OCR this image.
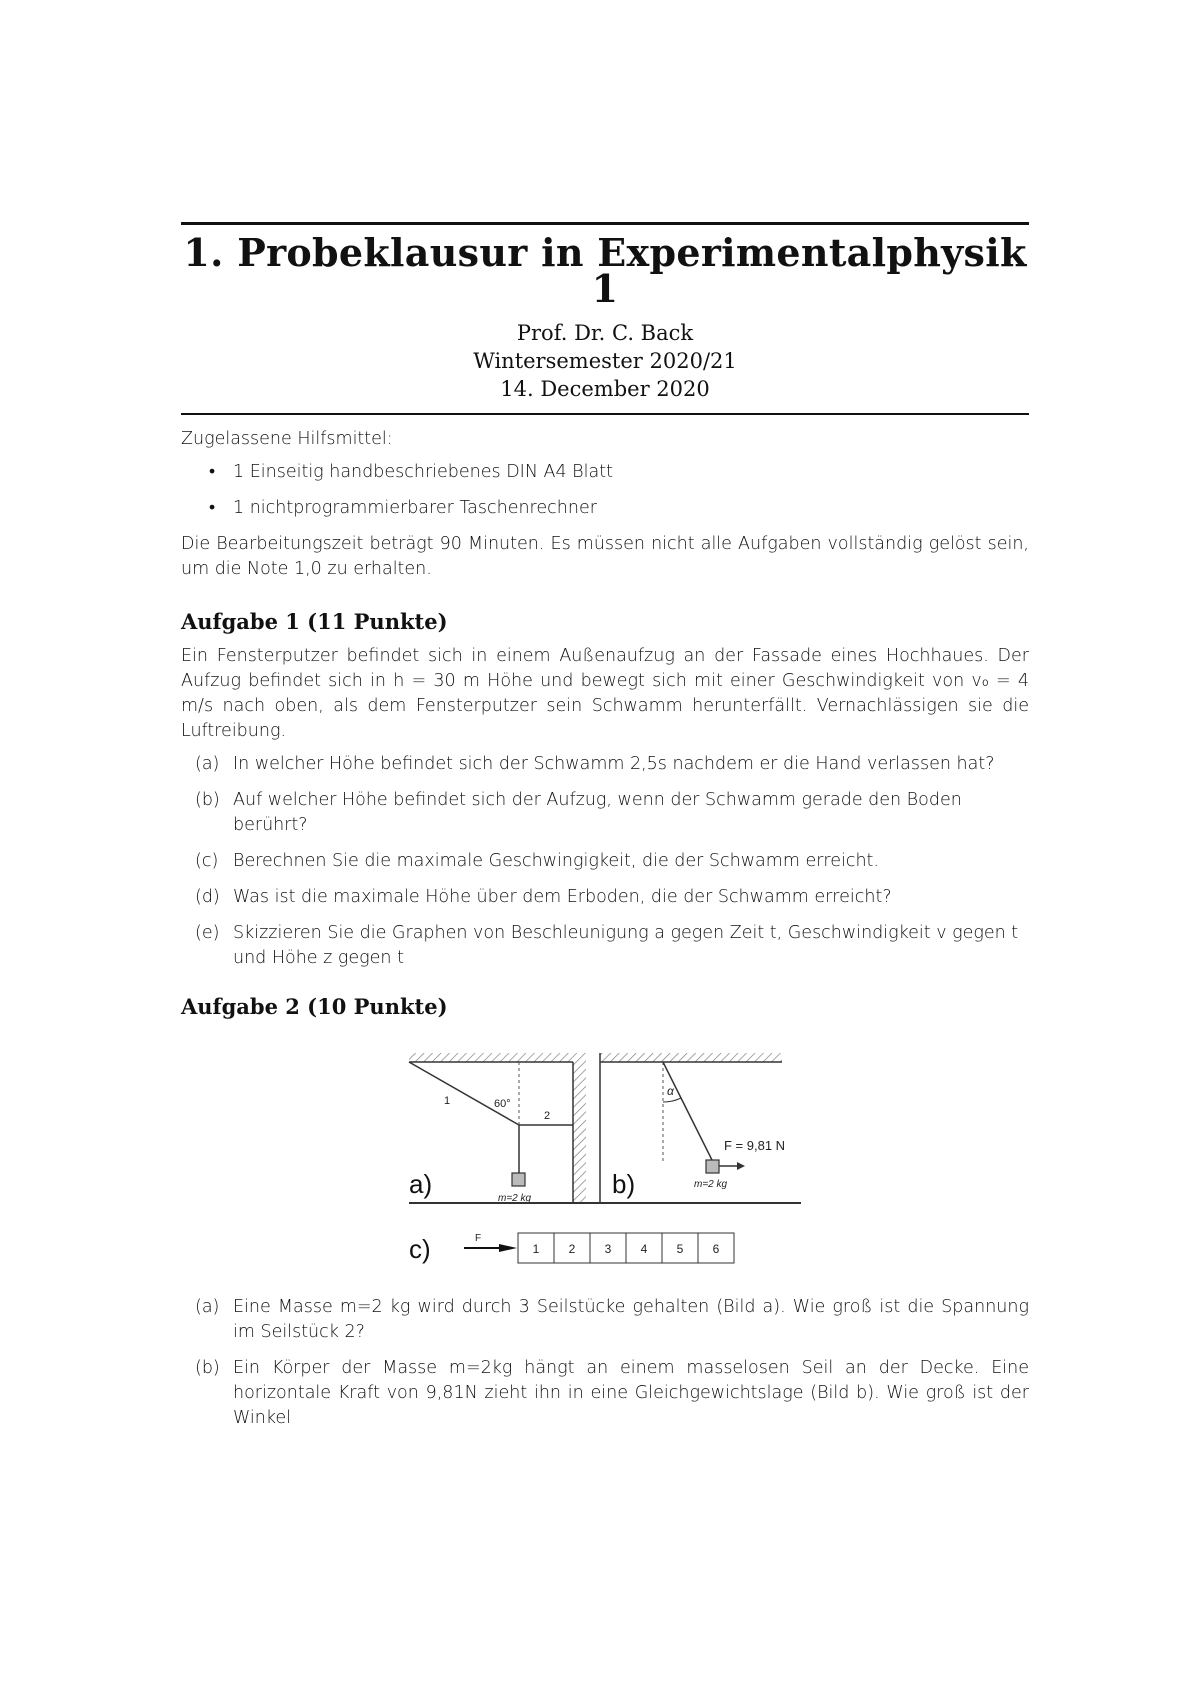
1. Probeklausur in Experimentalphysik 1
Prof. Dr. C. Back
Wintersemester 2020/21
14. December 2020

Zugelassene Hilfsmittel:

• 1 Einseitig handbeschriebenes DIN A4 Blatt
• 1 nichtprogrammierbarer Taschenrechner

Die Bearbeitungszeit beträgt 90 Minuten. Es müssen nicht alle Aufgaben vollständig gelöst sein, um die Note 1,0 zu erhalten.

Aufgabe 1 (11 Punkte)

Ein Fensterputzer befindet sich in einem Außenaufzug an der Fassade eines Hochhaues. Der Aufzug befindet sich in h = 30 m Höhe und bewegt sich mit einer Geschwindigkeit von v₀ = 4 m/s nach oben, als dem Fensterputzer sein Schwamm herunterfällt. Vernachlässigen sie die Luftreibung.

(a) In welcher Höhe befindet sich der Schwamm 2,5s nachdem er die Hand verlassen hat?
(b) Auf welcher Höhe befindet sich der Aufzug, wenn der Schwamm gerade den Boden berührt?
(c) Berechnen Sie die maximale Geschwingigkeit, die der Schwamm erreicht.
(d) Was ist die maximale Höhe über dem Erboden, die der Schwamm erreicht?
(e) Skizzieren Sie die Graphen von Beschleunigung a gegen Zeit t, Geschwindigkeit v gegen t und Höhe z gegen t
Aufgabe 2 (10 Punkte)
1	60°
2
m=2 kg
a)
α
F = 9,81 N
m=2 kg
b)
c)	F
1 2 3 4 5 6
(a) Eine Masse m=2 kg wird durch 3 Seilstücke gehalten (Bild a). Wie groß ist die Spannung im Seilstück 2?
(b) Ein Körper der Masse m=2kg hängt an einem masselosen Seil an der Decke. Eine horizontale Kraft von 9,81N zieht ihn in eine Gleichgewichtslage (Bild b). Wie groß ist der Winkel
